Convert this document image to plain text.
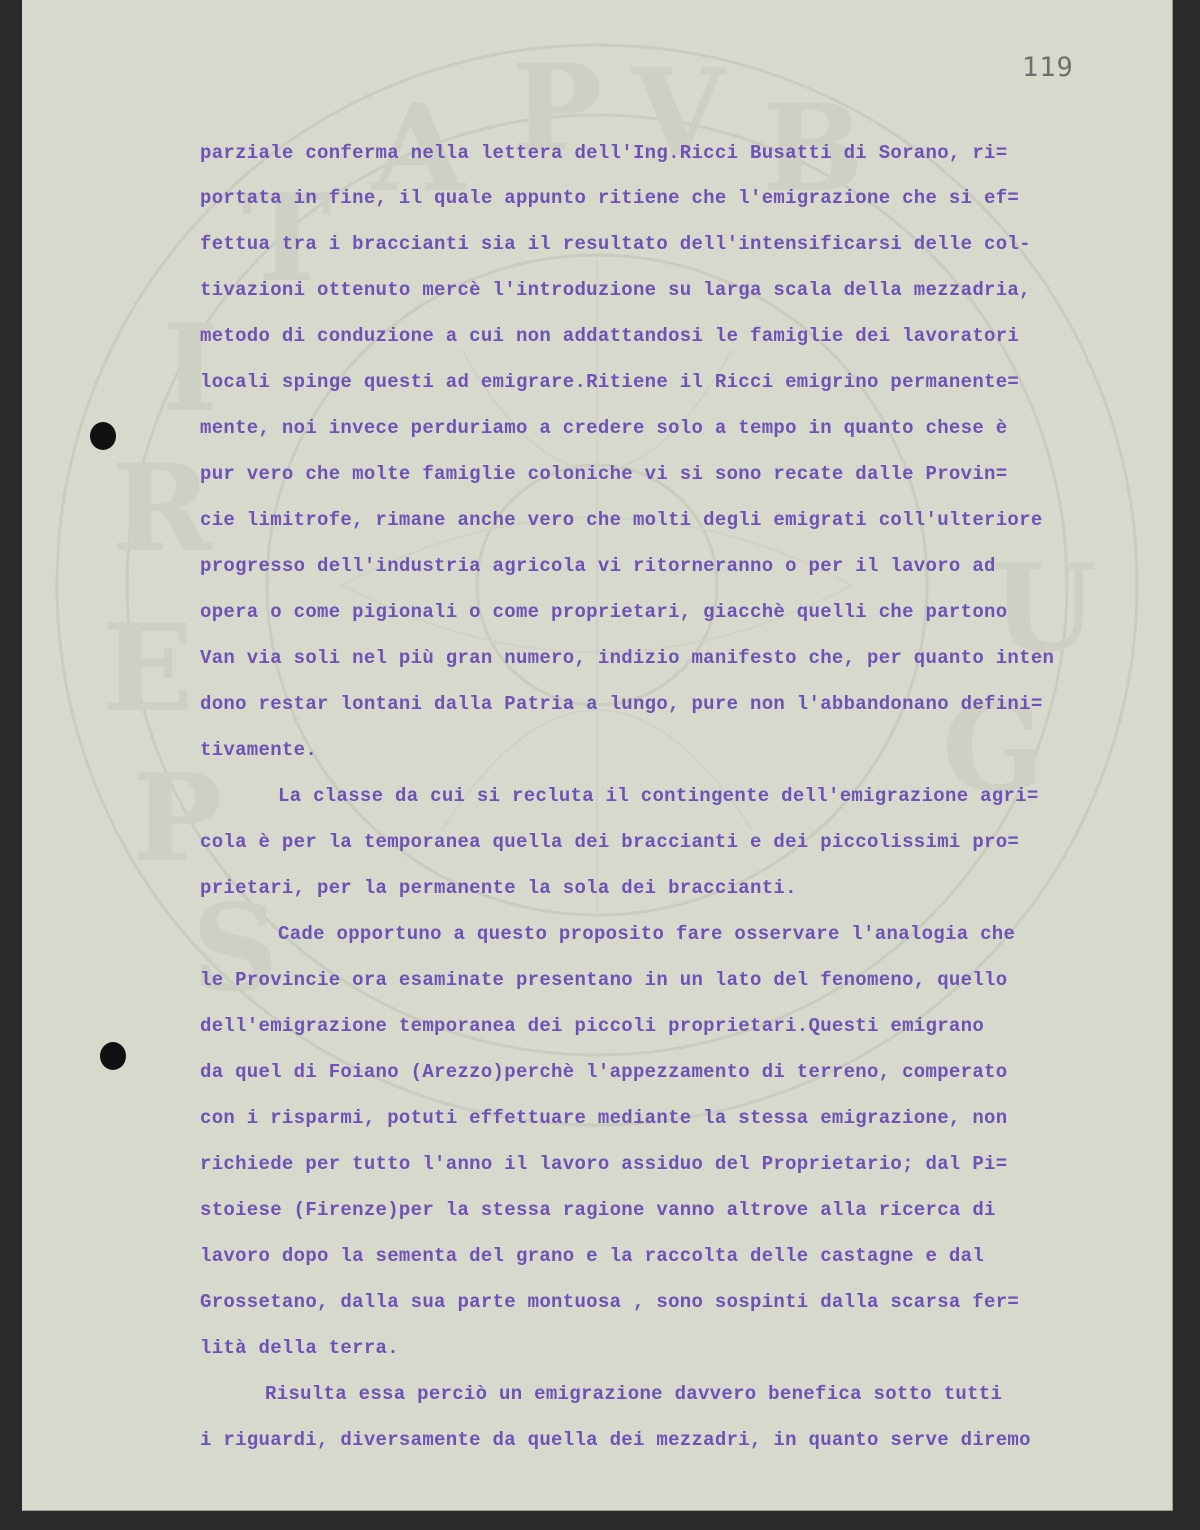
P V B
A
T
I
R
E
P
S
G
U

119

parziale conferma nella lettera dell'Ing.Ricci Busatti di Sorano, ri=
portata in fine, il quale appunto ritiene che l'emigrazione che si ef=
fettua tra i braccianti sia il resultato dell'intensificarsi delle col-
tivazioni ottenuto mercè l'introduzione su larga scala della mezzadria,
metodo di conduzione a cui non addattandosi le famiglie dei lavoratori
locali spinge questi ad emigrare.Ritiene il Ricci emigrino permanente=
mente, noi invece perduriamo a credere solo a tempo in quanto chese è
pur vero che molte famiglie coloniche vi si sono recate dalle Provin=
cie limitrofe, rimane anche vero che molti degli emigrati coll'ulteriore
progresso dell'industria agricola vi ritorneranno o per il lavoro ad
opera o come pigionali o come proprietari, giacchè quelli che partono
Van via soli nel più gran numero, indizio manifesto che, per quanto inten
dono restar lontani dalla Patria a lungo, pure non l'abbandonano defini=
tivamente.
La classe da cui si recluta il contingente dell'emigrazione agri=
cola è per la temporanea quella dei braccianti e dei piccolissimi pro=
prietari, per la permanente la sola dei braccianti.
Cade opportuno a questo proposito fare osservare l'analogia che
le Provincie ora esaminate presentano in un lato del fenomeno, quello
dell'emigrazione temporanea dei piccoli proprietari.Questi emigrano
da quel di Foiano (Arezzo)perchè l'appezzamento di terreno, comperato
con i risparmi, potuti effettuare mediante la stessa emigrazione, non
richiede per tutto l'anno il lavoro assiduo del Proprietario; dal Pi=
stoiese (Firenze)per la stessa ragione vanno altrove alla ricerca di
lavoro dopo la sementa del grano e la raccolta delle castagne e dal
Grossetano, dalla sua parte montuosa , sono sospinti dalla scarsa fer=
lità della terra.
Risulta essa perciò un emigrazione davvero benefica sotto tutti
i riguardi, diversamente da quella dei mezzadri, in quanto serve diremo
